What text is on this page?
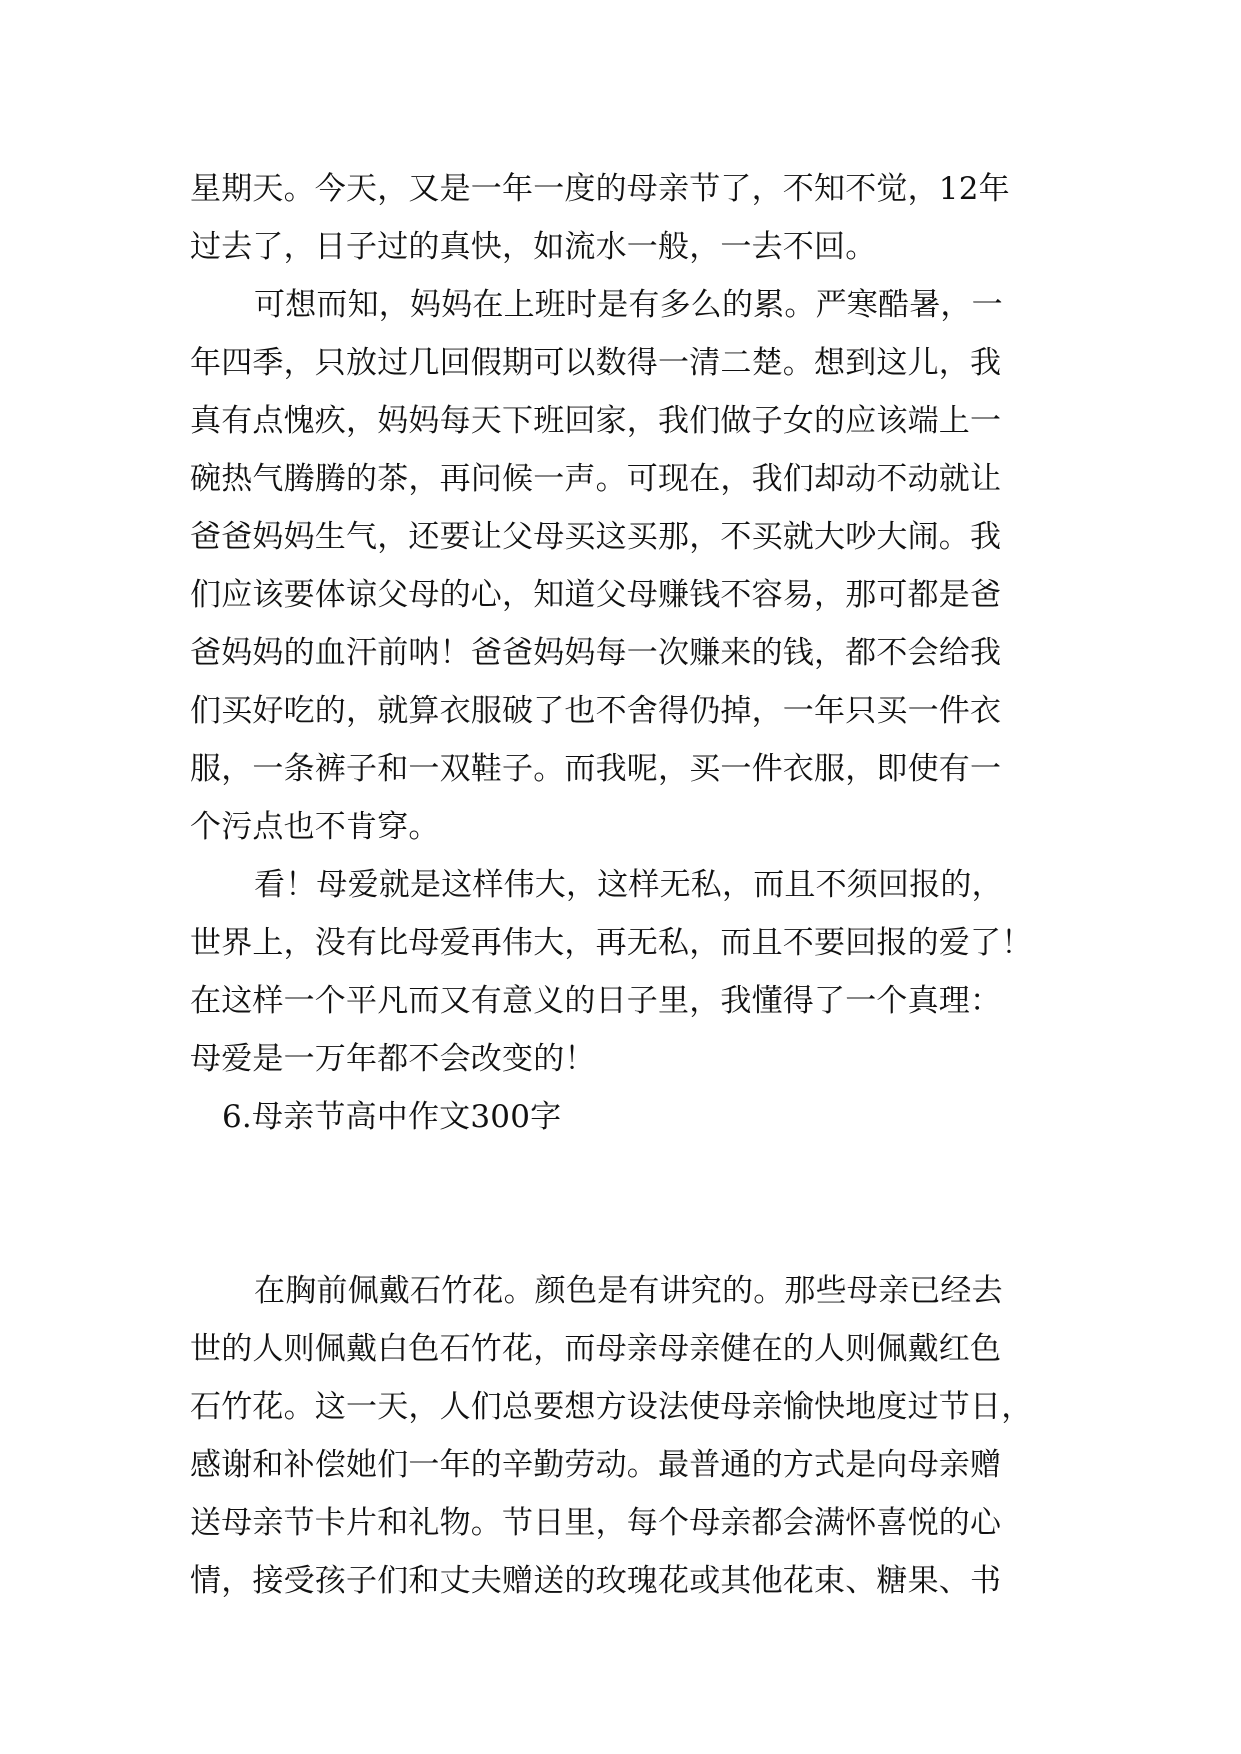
星期天。今天，又是一年一度的母亲节了，不知不觉，12年
过去了，日子过的真快，如流水一般，一去不回。
可想而知，妈妈在上班时是有多么的累。严寒酷暑，一
年四季，只放过几回假期可以数得一清二楚。想到这儿，我
真有点愧疚，妈妈每天下班回家，我们做子女的应该端上一
碗热气腾腾的茶，再问候一声。可现在，我们却动不动就让
爸爸妈妈生气，还要让父母买这买那，不买就大吵大闹。我
们应该要体谅父母的心，知道父母赚钱不容易，那可都是爸
爸妈妈的血汗前呐！爸爸妈妈每一次赚来的钱，都不会给我
们买好吃的，就算衣服破了也不舍得仍掉，一年只买一件衣
服，一条裤子和一双鞋子。而我呢，买一件衣服，即使有一
个污点也不肯穿。
看！母爱就是这样伟大，这样无私，而且不须回报的，
世界上，没有比母爱再伟大，再无私，而且不要回报的爱了！
在这样一个平凡而又有意义的日子里，我懂得了一个真理：
母爱是一万年都不会改变的！
6.母亲节高中作文300字
在胸前佩戴石竹花。颜色是有讲究的。那些母亲已经去
世的人则佩戴白色石竹花，而母亲母亲健在的人则佩戴红色
石竹花。这一天，人们总要想方设法使母亲愉快地度过节日，
感谢和补偿她们一年的辛勤劳动。最普通的方式是向母亲赠
送母亲节卡片和礼物。节日里，每个母亲都会满怀喜悦的心
情，接受孩子们和丈夫赠送的玫瑰花或其他花束、糖果、书
